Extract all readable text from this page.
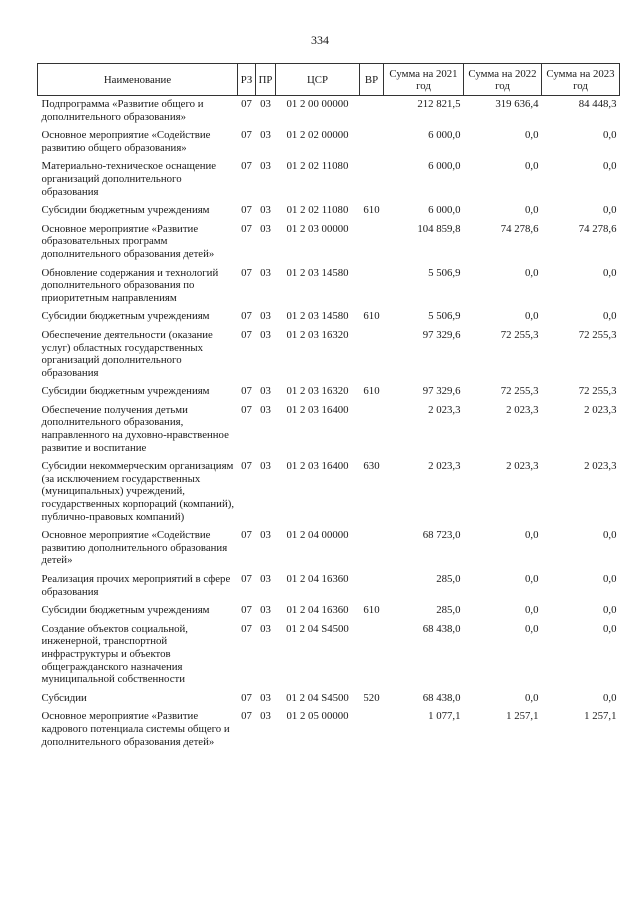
334
Наименование	РЗ	ПР	ЦСР	ВР	Сумма на 2021 год	Сумма на 2022 год	Сумма на 2023 год
Подпрограмма «Развитие общего и дополнительного образования»	07	03	01 2 00 00000		212 821,5	319 636,4	84 448,3
Основное мероприятие «Содействие развитию общего образования»	07	03	01 2 02 00000		6 000,0	0,0	0,0
Материально-техническое оснащение организаций дополнительного образования	07	03	01 2 02 11080		6 000,0	0,0	0,0
Субсидии бюджетным учреждениям	07	03	01 2 02 11080	610	6 000,0	0,0	0,0
Основное мероприятие «Развитие образовательных программ дополнительного образования детей»	07	03	01 2 03 00000		104 859,8	74 278,6	74 278,6
Обновление содержания и технологий дополнительного образования по приоритетным направлениям	07	03	01 2 03 14580		5 506,9	0,0	0,0
Субсидии бюджетным учреждениям	07	03	01 2 03 14580	610	5 506,9	0,0	0,0
Обеспечение деятельности (оказание услуг) областных государственных организаций дополнительного образования	07	03	01 2 03 16320		97 329,6	72 255,3	72 255,3
Субсидии бюджетным учреждениям	07	03	01 2 03 16320	610	97 329,6	72 255,3	72 255,3
Обеспечение получения детьми дополнительного образования, направленного на духовно-нравственное развитие и воспитание	07	03	01 2 03 16400		2 023,3	2 023,3	2 023,3
Субсидии некоммерческим организациям (за исключением государственных (муниципальных) учреждений, государственных корпораций (компаний), публично-правовых компаний)	07	03	01 2 03 16400	630	2 023,3	2 023,3	2 023,3
Основное мероприятие «Содействие развитию дополнительного образования детей»	07	03	01 2 04 00000		68 723,0	0,0	0,0
Реализация прочих мероприятий в сфере образования	07	03	01 2 04 16360		285,0	0,0	0,0
Субсидии бюджетным учреждениям	07	03	01 2 04 16360	610	285,0	0,0	0,0
Создание объектов социальной, инженерной, транспортной инфраструктуры и объектов общегражданского назначения муниципальной собственности	07	03	01 2 04 S4500		68 438,0	0,0	0,0
Субсидии	07	03	01 2 04 S4500	520	68 438,0	0,0	0,0
Основное мероприятие «Развитие кадрового потенциала системы общего и дополнительного образования детей»	07	03	01 2 05 00000		1 077,1	1 257,1	1 257,1
